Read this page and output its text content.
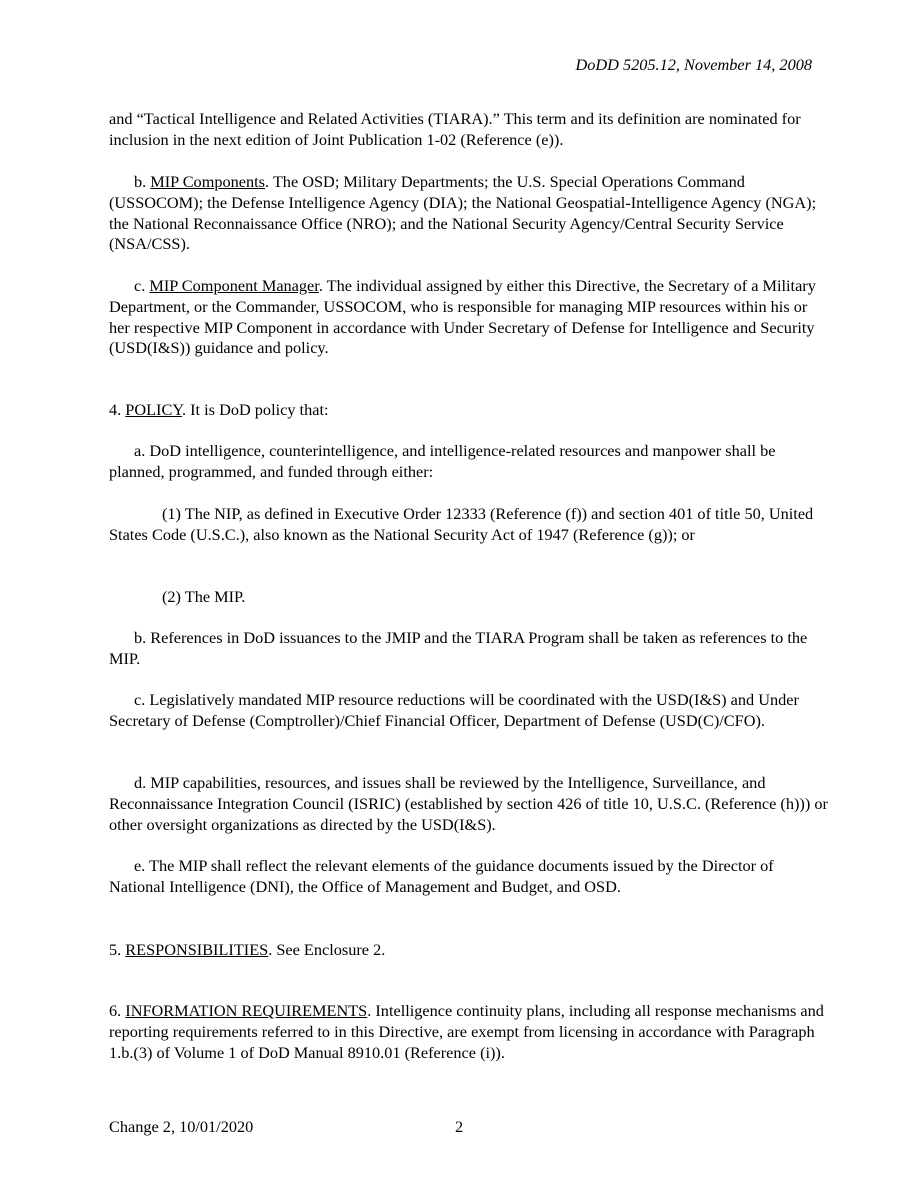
DoDD 5205.12, November 14, 2008

and “Tactical Intelligence and Related Activities (TIARA).” This term and its definition are nominated for inclusion in the next edition of Joint Publication 1-02 (Reference (e)).

b. MIP Components. The OSD; Military Departments; the U.S. Special Operations Command (USSOCOM); the Defense Intelligence Agency (DIA); the National Geospatial-Intelligence Agency (NGA); the National Reconnaissance Office (NRO); and the National Security Agency/Central Security Service (NSA/CSS).

c. MIP Component Manager. The individual assigned by either this Directive, the Secretary of a Military Department, or the Commander, USSOCOM, who is responsible for managing MIP resources within his or her respective MIP Component in accordance with Under Secretary of Defense for Intelligence and Security (USD(I&S)) guidance and policy.

4. POLICY. It is DoD policy that:

a. DoD intelligence, counterintelligence, and intelligence-related resources and manpower shall be planned, programmed, and funded through either:

(1) The NIP, as defined in Executive Order 12333 (Reference (f)) and section 401 of title 50, United States Code (U.S.C.), also known as the National Security Act of 1947 (Reference (g)); or

(2) The MIP.

b. References in DoD issuances to the JMIP and the TIARA Program shall be taken as references to the MIP.

c. Legislatively mandated MIP resource reductions will be coordinated with the USD(I&S) and Under Secretary of Defense (Comptroller)/Chief Financial Officer, Department of Defense (USD(C)/CFO).

d. MIP capabilities, resources, and issues shall be reviewed by the Intelligence, Surveillance, and Reconnaissance Integration Council (ISRIC) (established by section 426 of title 10, U.S.C. (Reference (h))) or other oversight organizations as directed by the USD(I&S).

e. The MIP shall reflect the relevant elements of the guidance documents issued by the Director of National Intelligence (DNI), the Office of Management and Budget, and OSD.

5. RESPONSIBILITIES. See Enclosure 2.

6. INFORMATION REQUIREMENTS. Intelligence continuity plans, including all response mechanisms and reporting requirements referred to in this Directive, are exempt from licensing in accordance with Paragraph 1.b.(3) of Volume 1 of DoD Manual 8910.01 (Reference (i)).

Change 2, 10/01/2020	2
